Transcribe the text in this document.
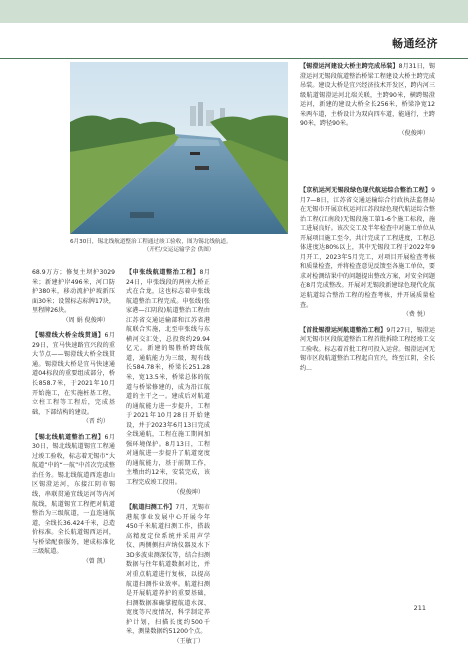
畅通经济
6月30日，锡北线航道整治工程通过竣工验收，图为锡北线航道。
（开栏/交运运输学会 供图）

68.9万方；修复主坝护3029米；新建护岸496米，河口防护380米，移动流护护坡新压面30米；设置标志标牌17块，里程牌26块。

（周 娟 倪俊坤）

【锡澄线大桥全线贯通】6月29日，宜马快速路宜兴段的重大节点——锡澄线大桥全线贯通。锡澄线大桥是宜马快速通道04标段的重要组成部分，桥长858.7米，于2021年10月开始施工，在实施桩基工程，立柱工程等工程后，完成基础，下部结构的建设。

（晋 约）

【锡北线航道整治工程】6月30日，锡北线航道锡宜工程通过竣工验收，标志着无锡市“大航道”中的“一航”中首次完成整治任务。锡北线航道西连惠山区锡澄运河，东接江阴市锡线，串联贯通宜线运河等内河航线，航道锡宜工程把对航道整治为三级航道，一直连通航道，全线长36.424千米，总造价标准。全长航道锡西运河，与桥梁配套服务，建成标准化三级航道。

（曾 凯）

【申张线航道整治工程】8月24日，申张线段的两座大桥正式在合龙，这也标志着申张线航道整治工程完成。申张线(张家港—江阴段)航道整治工程由江苏省交通运输部和江苏省港航联合实施，北至申张线与东横河交汇处，总投资约29.94亿元。新建的锡胜桥跨线航道，通航能力为三级，现有线长584.78米，桥梁长251.28米，宽13.5米，桥梁总体的航道与桥梁修建的，成为沿江航道的主干之一。建成后对航道的通航能力进一步提升，工程于2021年10月28日开始建设，并于2023年6月13日完成全线通航，工程在施工期间加强环境保护。8月13日，工程对通航进一步提升了航道宽度的通航能力，基于前期工作，主墩由约12米，安装完成，该工程完成竣工投用。

（倪俊坤）

【航道扫测工作】7月，无锡市港航事业发展中心开展今年450千米航道扫测工作，搭载高精度定位系统并采用声学仪、两侧侧扫声纳仪器及水下3D多波束测深仪等，结合扫测数据与往年航道数据对比，并对重点航道进行复核，以提高航道扫测作业效率。航道扫测是开展航道养护的重要基础，扫测数据准确掌握航道水深、宽度等尺度情况，科学制定养护计划，扫描长度约500千米，测量数据约51200个点。

（王敏丁）

【锡澄运河建设大桥主跨完成吊装】8月31日，锡澄运河无锡段航道整治桥梁工程建设大桥主跨完成吊装。建设大桥是宜兴经济技术开发区，跨内河三级航道锡澄运河北端关联，主跨90米，横跨锡澄运河，新建的建设大桥全长256米，桥梁净宽12米两车道，主桥设计为双向四车道，能通行，主跨90米，跨径90米。

（倪俊坤）

【京杭运河无锡段绿色现代航运综合整治工程】9月7—8日，江苏省交通运输综合行政执法监督局在无锡市开展京杭运河江苏段绿色现代航运综合整治工程(江南段)无锡段施工第1-6个施工标段，施工进展良好。该次交工及半年检查中对施工单位从开展项目施工至今，共计完成了工程进度，工程总体进度达80%以上，其中无锡段工程于2022年9月开工，2023年5月完工，对项目开展检查考核和质量检查，并将检查意见反馈至各施工单位，要求对检测结果中的问题提出整改方案，对安全问题在8月完成整改。开展对无锡段新建绿色现代化航运航道综合整治工程的检查考核，并开展质量检查。

（费 悦）

【首批锡澄运河航道整治工程】9月27日，锡澄运河无锡市区段航道整治工程首批拆除工程经竣工交工验收。标志着首批工程可投入运营。锡澄运河无锡市区段航道整治工程起自宜兴，终至江阴，全长约...

211
